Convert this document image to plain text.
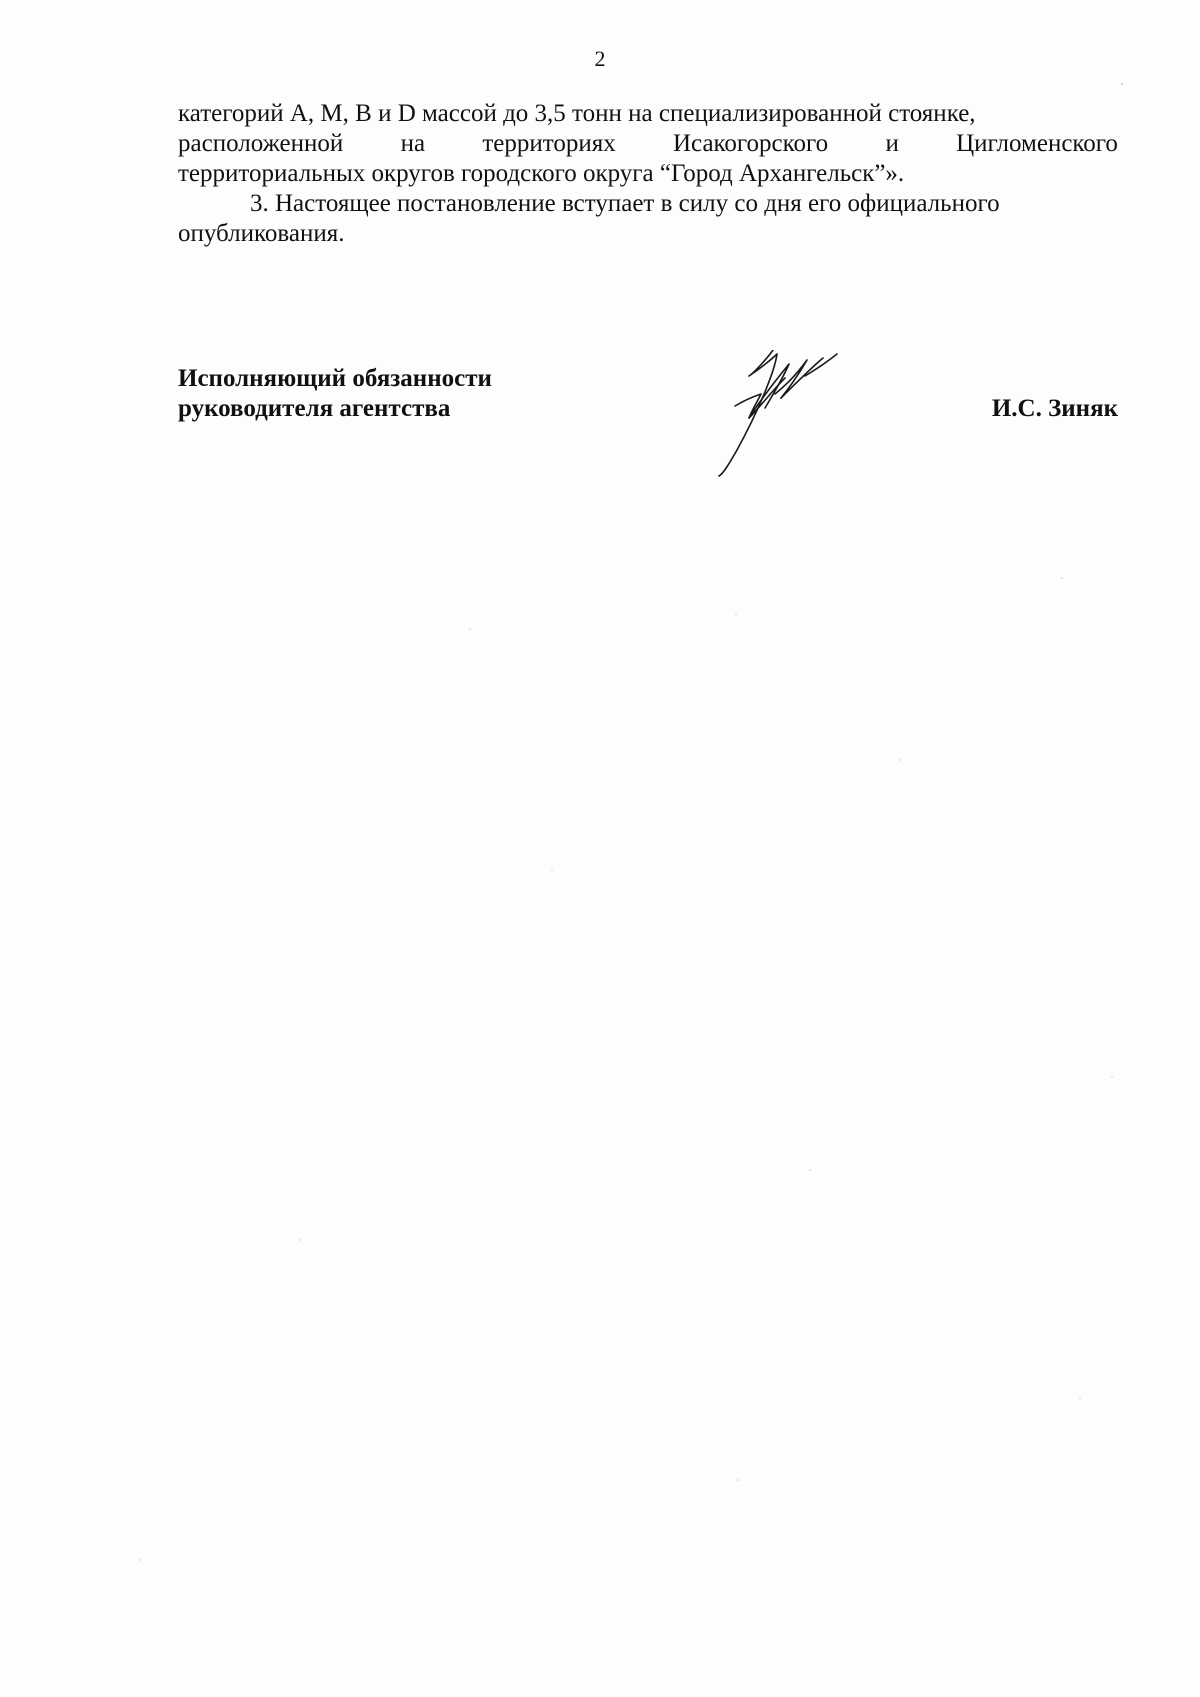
2
категорий A, M, B и D массой до 3,5 тонн на специализированной стоянке,
расположенной на территориях Исакогорского и Цигломенского
территориальных округов городского округа “Город Архангельск”».
3. Настоящее постановление вступает в силу со дня его официального
опубликования.
Исполняющий обязанности
руководителя агентства	И.С. Зиняк
